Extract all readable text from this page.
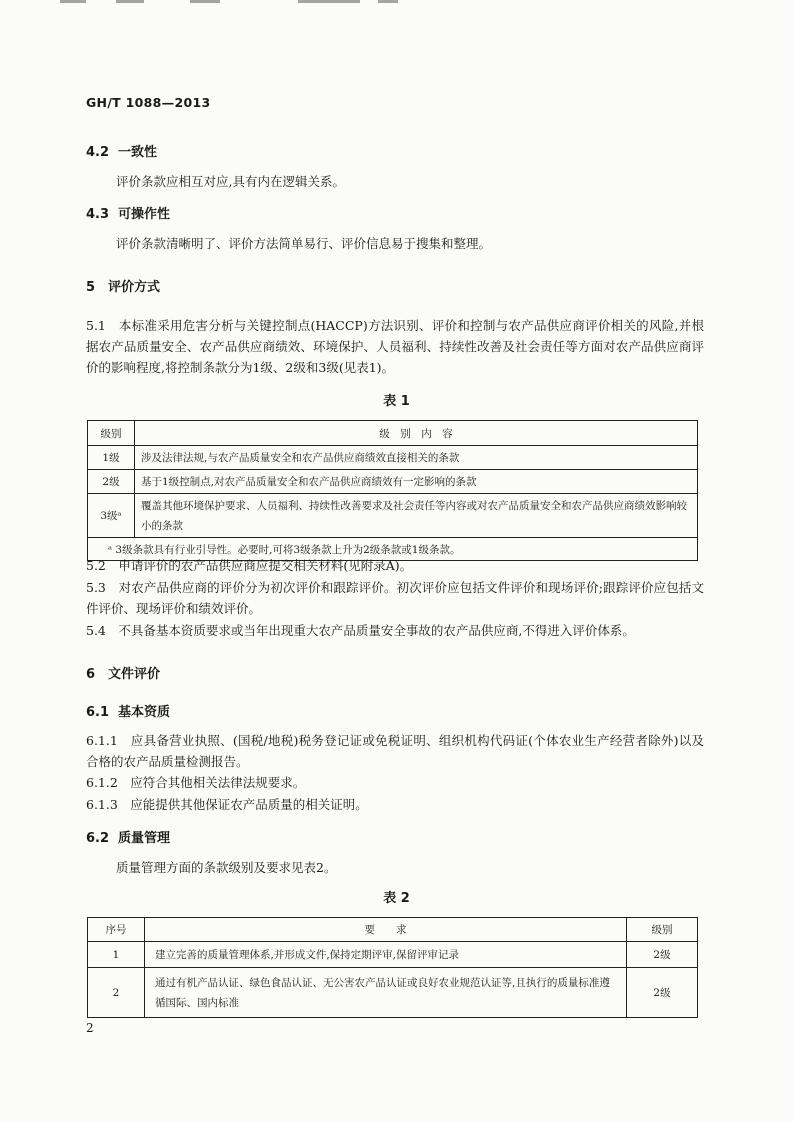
GH/T 1088—2013
4.2 一致性
评价条款应相互对应,具有内在逻辑关系。
4.3 可操作性
评价条款清晰明了、评价方法简单易行、评价信息易于搜集和整理。
5 评价方式
5.1　本标准采用危害分析与关键控制点(HACCP)方法识别、评价和控制与农产品供应商评价相关的风险,并根据农产品质量安全、农产品供应商绩效、环境保护、人员福利、持续性改善及社会责任等方面对农产品供应商评价的影响程度,将控制条款分为1级、2级和3级(见表1)。
表 1
级别	级　别　内　容
1级	涉及法律法规,与农产品质量安全和农产品供应商绩效直接相关的条款
2级	基于1级控制点,对农产品质量安全和农产品供应商绩效有一定影响的条款
3级ᵃ	覆盖其他环境保护要求、人员福利、持续性改善要求及社会责任等内容或对农产品质量安全和农产品供应商绩效影响较小的条款
ᵃ 3级条款具有行业引导性。必要时,可将3级条款上升为2级条款或1级条款。	
5.2　申请评价的农产品供应商应提交相关材料(见附录A)。
5.3　对农产品供应商的评价分为初次评价和跟踪评价。初次评价应包括文件评价和现场评价;跟踪评价应包括文件评价、现场评价和绩效评价。
5.4　不具备基本资质要求或当年出现重大农产品质量安全事故的农产品供应商,不得进入评价体系。
6 文件评价
6.1 基本资质
6.1.1　应具备营业执照、(国税/地税)税务登记证或免税证明、组织机构代码证(个体农业生产经营者除外)以及合格的农产品质量检测报告。
6.1.2　应符合其他相关法律法规要求。
6.1.3　应能提供其他保证农产品质量的相关证明。
6.2 质量管理
质量管理方面的条款级别及要求见表2。
表 2
序号	要　　求	级别
1	建立完善的质量管理体系,并形成文件,保持定期评审,保留评审记录	2级
2	通过有机产品认证、绿色食品认证、无公害农产品认证或良好农业规范认证等,且执行的质量标准遵循国际、国内标准	2级
2
